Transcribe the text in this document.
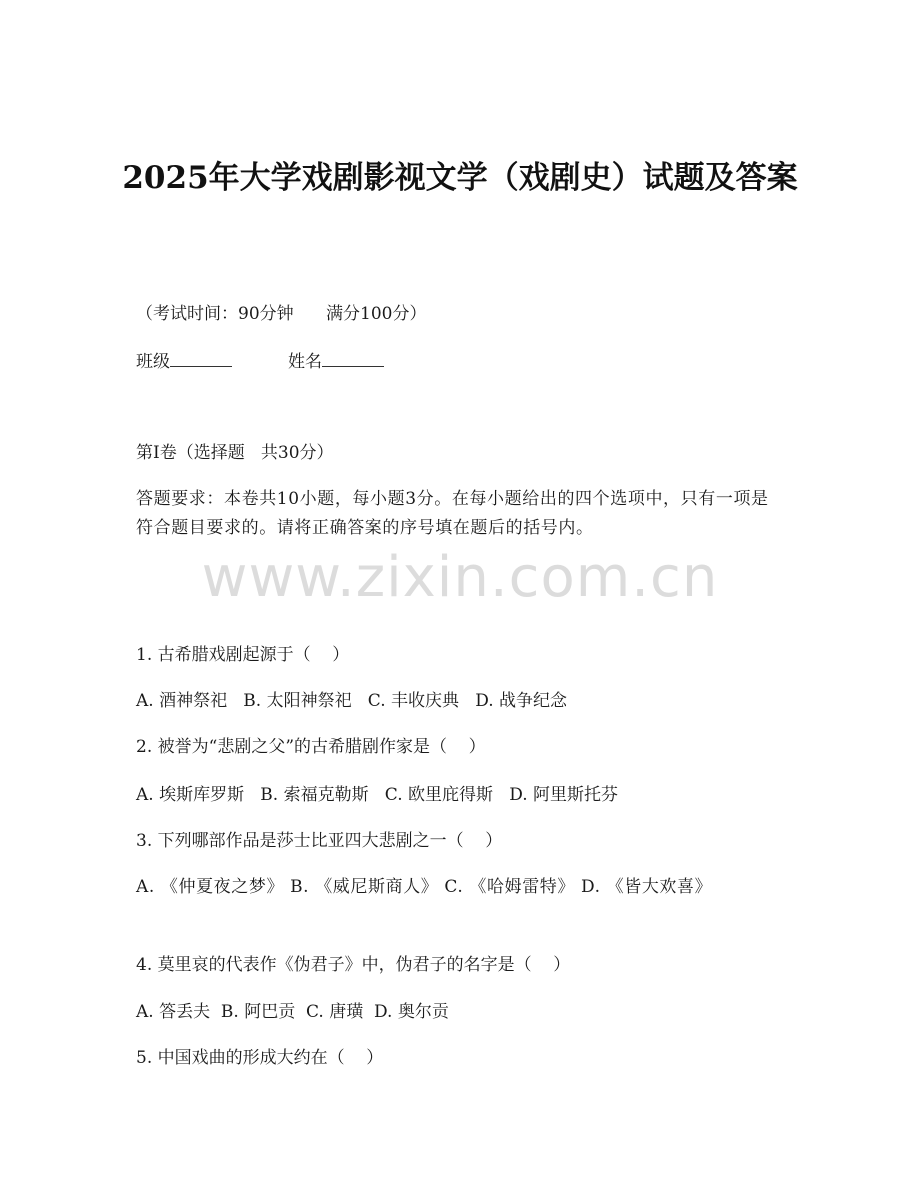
2025年大学戏剧影视文学（戏剧史）试题及答案
www.zixin.com.cn

（考试时间：90分钟      满分100分）

班级	姓名

第I卷（选择题   共30分）

答题要求：本卷共10小题，每小题3分。在每小题给出的四个选项中，只有一项是符合题目要求的。请将正确答案的序号填在题后的括号内。

1. 古希腊戏剧起源于（    ）

A. 酒神祭祀   B. 太阳神祭祀   C. 丰收庆典   D. 战争纪念

2. 被誉为“悲剧之父”的古希腊剧作家是（    ）

A. 埃斯库罗斯   B. 索福克勒斯   C. 欧里庇得斯   D. 阿里斯托芬

3. 下列哪部作品是莎士比亚四大悲剧之一（    ）

A. 《仲夏夜之梦》 B. 《威尼斯商人》 C. 《哈姆雷特》 D. 《皆大欢喜》

4. 莫里哀的代表作《伪君子》中，伪君子的名字是（    ）

A. 答丢夫  B. 阿巴贡  C. 唐璜  D. 奥尔贡

5. 中国戏曲的形成大约在（    ）
